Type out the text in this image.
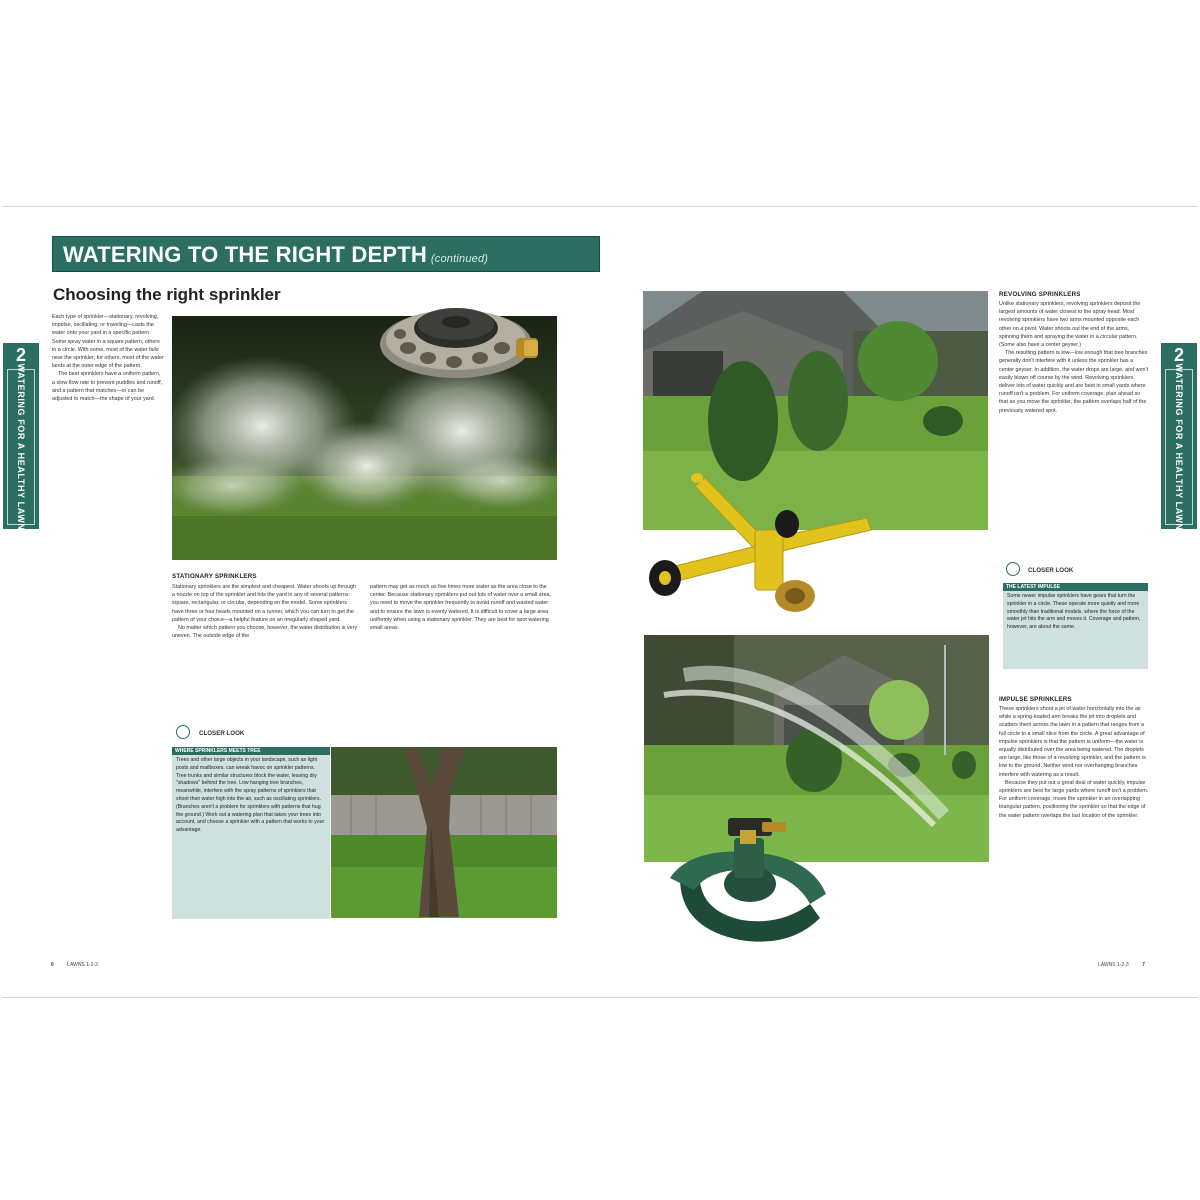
WATERING TO THE RIGHT DEPTH (continued)
Choosing the right sprinkler
2
WATERING FOR A HEALTHY LAWN
2
WATERING FOR A HEALTHY LAWN
Each type of sprinkler—stationary, revolving, impulse, oscillating, or traveling—casts the water onto your yard in a specific pattern. Some spray water in a square pattern, others in a circle. With some, most of the water falls near the sprinkler; for others, most of the water lands at the outer edge of the pattern.
The best sprinklers have a uniform pattern, a slow flow rate to prevent puddles and runoff, and a pattern that matches—or can be adjusted to match—the shape of your yard.
STATIONARY SPRINKLERS
Stationary sprinklers are the simplest and cheapest. Water shoots up through a nozzle on top of the sprinkler and hits the yard in any of several patterns: square, rectangular, or circular, depending on the model. Some sprinklers have three or four heads mounted on a runner, which you can turn to get the pattern of your choice—a helpful feature on an irregularly shaped yard.
No matter which pattern you choose, however, the water distribution is very uneven. The outside edge of the
pattern may get as much as five times more water as the area close to the center. Because stationary sprinklers put out lots of water over a small area, you need to move the sprinkler frequently to avoid runoff and wasted water and to ensure the lawn is evenly watered. It is difficult to cover a large area uniformly when using a stationary sprinkler. They are best for spot watering small areas.
CLOSER LOOK
WHERE SPRINKLERS MEETS TREE
Trees and other large objects in your landscape, such as light posts and mailboxes, can wreak havoc on sprinkler patterns. Tree trunks and similar structures block the water, leaving dry "shadows" behind the tree. Low hanging tree branches, meanwhile, interfere with the spray patterns of sprinklers that shoot their water high into the air, such as oscillating sprinklers. (Branches aren't a problem for sprinklers with patterns that hug the ground.) Work out a watering plan that takes your trees into account, and choose a sprinkler with a pattern that works to your advantage.
REVOLVING SPRINKLERS
Unlike stationary sprinklers, revolving sprinklers deposit the largest amounts of water closest to the spray head. Most revolving sprinklers have two arms mounted opposite each other on a pivot. Water shoots out the end of the arms, spinning them and spraying the water in a circular pattern. (Some also have a center geyser.)
The resulting pattern is low—low enough that tree branches generally don't interfere with it unless the sprinkler has a center geyser. In addition, the water drops are large, and won't easily blown off course by the wind. Revolving sprinklers deliver lots of water quickly and are best in small yards where runoff isn't a problem. For uniform coverage, plan ahead so that as you move the sprinkler, the pattern overlaps half of the previously watered spot.
CLOSER LOOK
THE LATEST IMPULSE
Some newer impulse sprinklers have gears that turn the sprinkler in a circle. These operate more quietly and more smoothly than traditional models, where the force of the water jet hits the arm and moves it. Coverage and pattern, however, are about the same.
IMPULSE SPRINKLERS
These sprinklers shoot a jet of water horizontally into the air while a spring-loaded arm breaks the jet into droplets and scatters them across the lawn in a pattern that ranges from a full circle to a small slice from the circle. A great advantage of impulse sprinklers is that the pattern is uniform—the water is equally distributed over the area being watered. The droplets are large, like those of a revolving sprinkler, and the pattern is low to the ground. Neither wind nor overhanging branches interfere with watering as a result.
Because they put out a great deal of water quickly, impulse sprinklers are best for large yards where runoff isn't a problem. For uniform coverage, move the sprinkler in an overlapping triangular pattern, positioning the sprinkler so that the edge of the water pattern overlaps the last location of the sprinkler.
6	LAWNS 1-2-3	LAWNS 1-2-3	7
